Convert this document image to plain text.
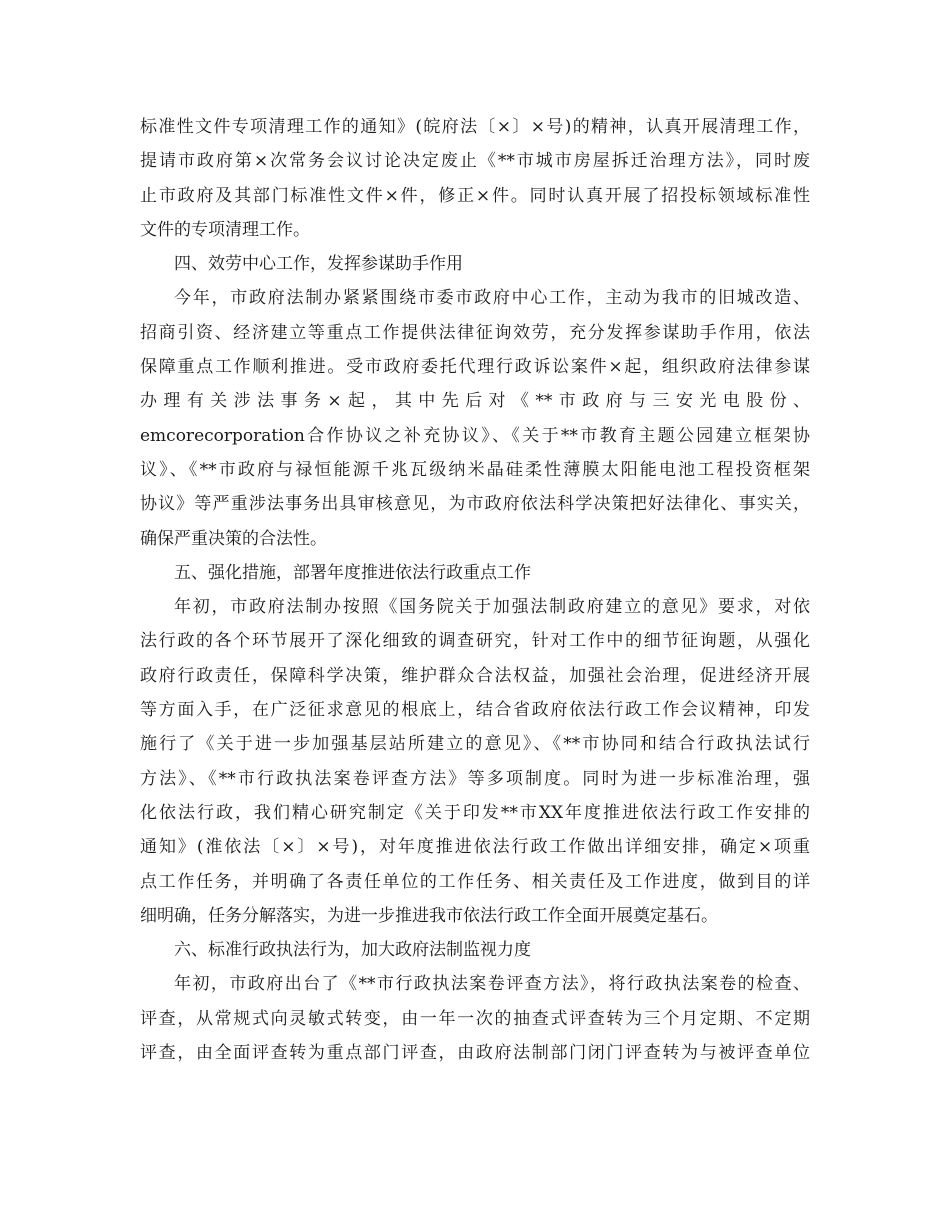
标准性文件专项清理工作的通知》(皖府法〔×〕×号)的精神，认真开展清理工作，
提请市政府第×次常务会议讨论决定废止《**市城市房屋拆迁治理方法》，同时废
止市政府及其部门标准性文件×件，修正×件。同时认真开展了招投标领域标准性
文件的专项清理工作。
四、效劳中心工作，发挥参谋助手作用
今年，市政府法制办紧紧围绕市委市政府中心工作，主动为我市的旧城改造、
招商引资、经济建立等重点工作提供法律征询效劳，充分发挥参谋助手作用，依法
保障重点工作顺利推进。受市政府委托代理行政诉讼案件×起，组织政府法律参谋
办理有关涉法事务×起，其中先后对《**市政府与三安光电股份、
emcorecorporation合作协议之补充协议》、《关于**市教育主题公园建立框架协
议》、《**市政府与禄恒能源千兆瓦级纳米晶硅柔性薄膜太阳能电池工程投资框架
协议》等严重涉法事务出具审核意见，为市政府依法科学决策把好法律化、事实关，
确保严重决策的合法性。
五、强化措施，部署年度推进依法行政重点工作
年初，市政府法制办按照《国务院关于加强法制政府建立的意见》要求，对依
法行政的各个环节展开了深化细致的调查研究，针对工作中的细节征询题，从强化
政府行政责任，保障科学决策，维护群众合法权益，加强社会治理，促进经济开展
等方面入手，在广泛征求意见的根底上，结合省政府依法行政工作会议精神，印发
施行了《关于进一步加强基层站所建立的意见》、《**市协同和结合行政执法试行
方法》、《**市行政执法案卷评查方法》等多项制度。同时为进一步标准治理，强
化依法行政，我们精心研究制定《关于印发**市XX年度推进依法行政工作安排的
通知》(淮依法〔×〕×号)，对年度推进依法行政工作做出详细安排，确定×项重
点工作任务，并明确了各责任单位的工作任务、相关责任及工作进度，做到目的详
细明确，任务分解落实，为进一步推进我市依法行政工作全面开展奠定基石。
六、标准行政执法行为，加大政府法制监视力度
年初，市政府出台了《**市行政执法案卷评查方法》，将行政执法案卷的检查、
评查，从常规式向灵敏式转变，由一年一次的抽查式评查转为三个月定期、不定期
评查，由全面评查转为重点部门评查，由政府法制部门闭门评查转为与被评查单位
